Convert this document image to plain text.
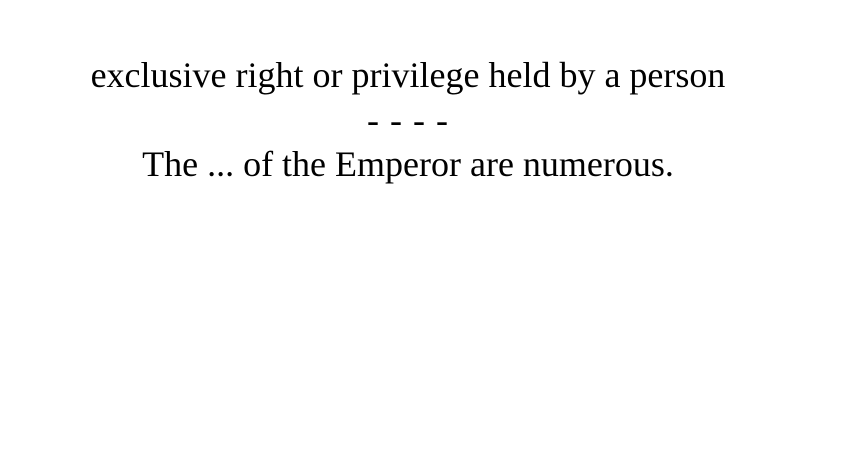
exclusive right or privilege held by a person
- - - -
The ... of the Emperor are numerous.
